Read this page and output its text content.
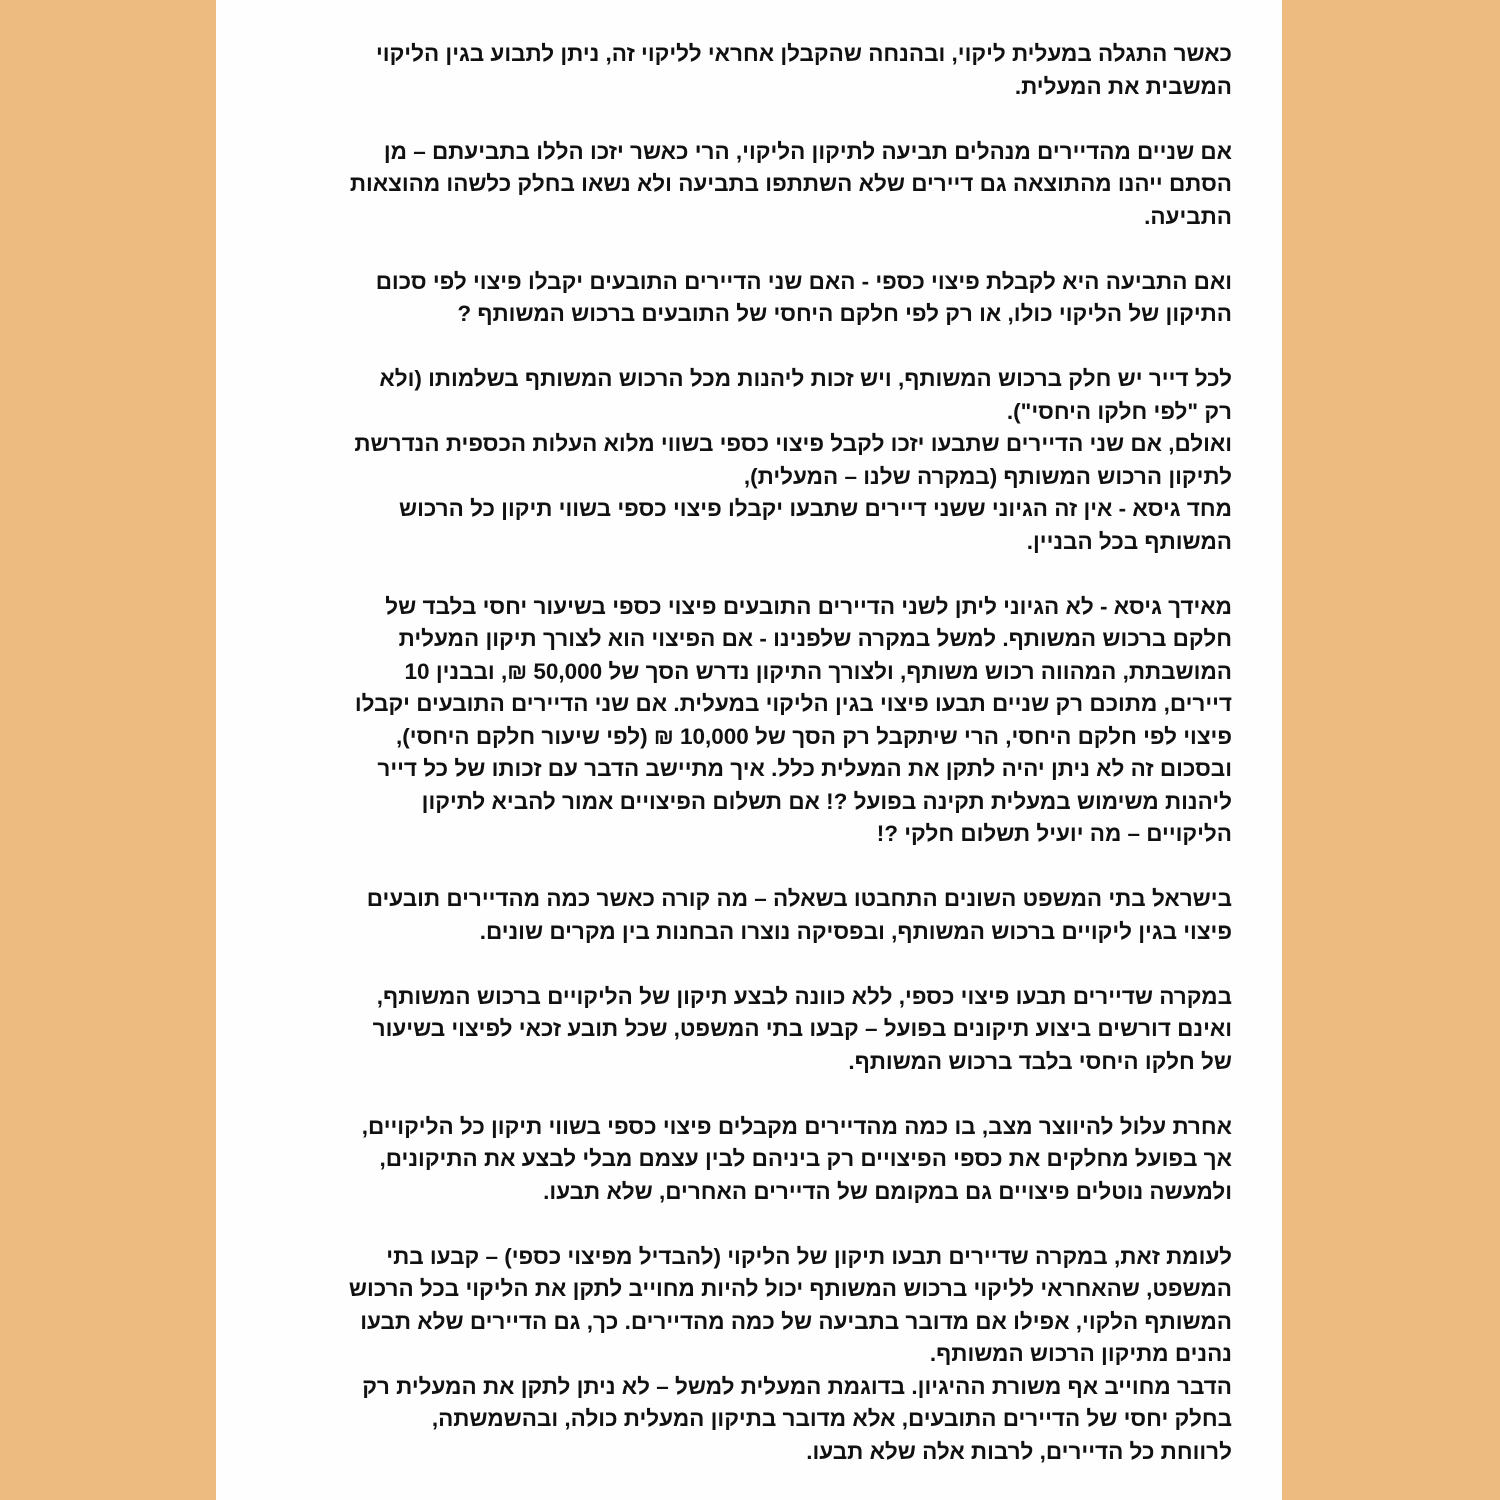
כאשר התגלה במעלית ליקוי, ובהנחה שהקבלן אחראי לליקוי זה, ניתן לתבוע בגין הליקוי
המשבית את המעלית.
אם שניים מהדיירים מנהלים תביעה לתיקון הליקוי, הרי כאשר יזכו הללו בתביעתם – מן
הסתם ייהנו מהתוצאה גם דיירים שלא השתתפו בתביעה ולא נשאו בחלק כלשהו מהוצאות
התביעה.
ואם התביעה היא לקבלת פיצוי כספי - האם שני הדיירים התובעים יקבלו פיצוי לפי סכום
התיקון של הליקוי כולו, או רק לפי חלקם היחסי של התובעים ברכוש המשותף ?
לכל דייר יש חלק ברכוש המשותף, ויש זכות ליהנות מכל הרכוש המשותף בשלמותו (ולא
רק "לפי חלקו היחסי").
ואולם, אם שני הדיירים שתבעו יזכו לקבל פיצוי כספי בשווי מלוא העלות הכספית הנדרשת
לתיקון הרכוש המשותף (במקרה שלנו – המעלית),
מחד גיסא - אין זה הגיוני ששני דיירים שתבעו יקבלו פיצוי כספי בשווי תיקון כל הרכוש
המשותף בכל הבניין.
מאידך גיסא - לא הגיוני ליתן לשני הדיירים התובעים פיצוי כספי בשיעור יחסי בלבד של
חלקם ברכוש המשותף. למשל במקרה שלפנינו - אם הפיצוי הוא לצורך תיקון המעלית
המושבתת, המהווה רכוש משותף, ולצורך התיקון נדרש הסך של 50,000 ₪, ובבנין 10
דיירים, מתוכם רק שניים תבעו פיצוי בגין הליקוי במעלית. אם שני הדיירים התובעים יקבלו
פיצוי לפי חלקם היחסי, הרי שיתקבל רק הסך של 10,000 ₪ (לפי שיעור חלקם היחסי),
ובסכום זה לא ניתן יהיה לתקן את המעלית כלל. איך מתיישב הדבר עם זכותו של כל דייר
ליהנות משימוש במעלית תקינה בפועל ?! אם תשלום הפיצויים אמור להביא לתיקון
הליקויים – מה יועיל תשלום חלקי ?!
בישראל בתי המשפט השונים התחבטו בשאלה – מה קורה כאשר כמה מהדיירים תובעים
פיצוי בגין ליקויים ברכוש המשותף, ובפסיקה נוצרו הבחנות בין מקרים שונים.
במקרה שדיירים תבעו פיצוי כספי, ללא כוונה לבצע תיקון של הליקויים ברכוש המשותף,
ואינם דורשים ביצוע תיקונים בפועל – קבעו בתי המשפט, שכל תובע זכאי לפיצוי בשיעור
של חלקו היחסי בלבד ברכוש המשותף.
אחרת עלול להיווצר מצב, בו כמה מהדיירים מקבלים פיצוי כספי בשווי תיקון כל הליקויים,
אך בפועל מחלקים את כספי הפיצויים רק ביניהם לבין עצמם מבלי לבצע את התיקונים,
ולמעשה נוטלים פיצויים גם במקומם של הדיירים האחרים, שלא תבעו.
לעומת זאת, במקרה שדיירים תבעו תיקון של הליקוי (להבדיל מפיצוי כספי) – קבעו בתי
המשפט, שהאחראי לליקוי ברכוש המשותף יכול להיות מחוייב לתקן את הליקוי בכל הרכוש
המשותף הלקוי, אפילו אם מדובר בתביעה של כמה מהדיירים. כך, גם הדיירים שלא תבעו
נהנים מתיקון הרכוש המשותף.
הדבר מחוייב אף משורת ההיגיון. בדוגמת המעלית למשל – לא ניתן לתקן את המעלית רק
בחלק יחסי של הדיירים התובעים, אלא מדובר בתיקון המעלית כולה, ובהשמשתה,
לרווחת כל הדיירים, לרבות אלה שלא תבעו.
